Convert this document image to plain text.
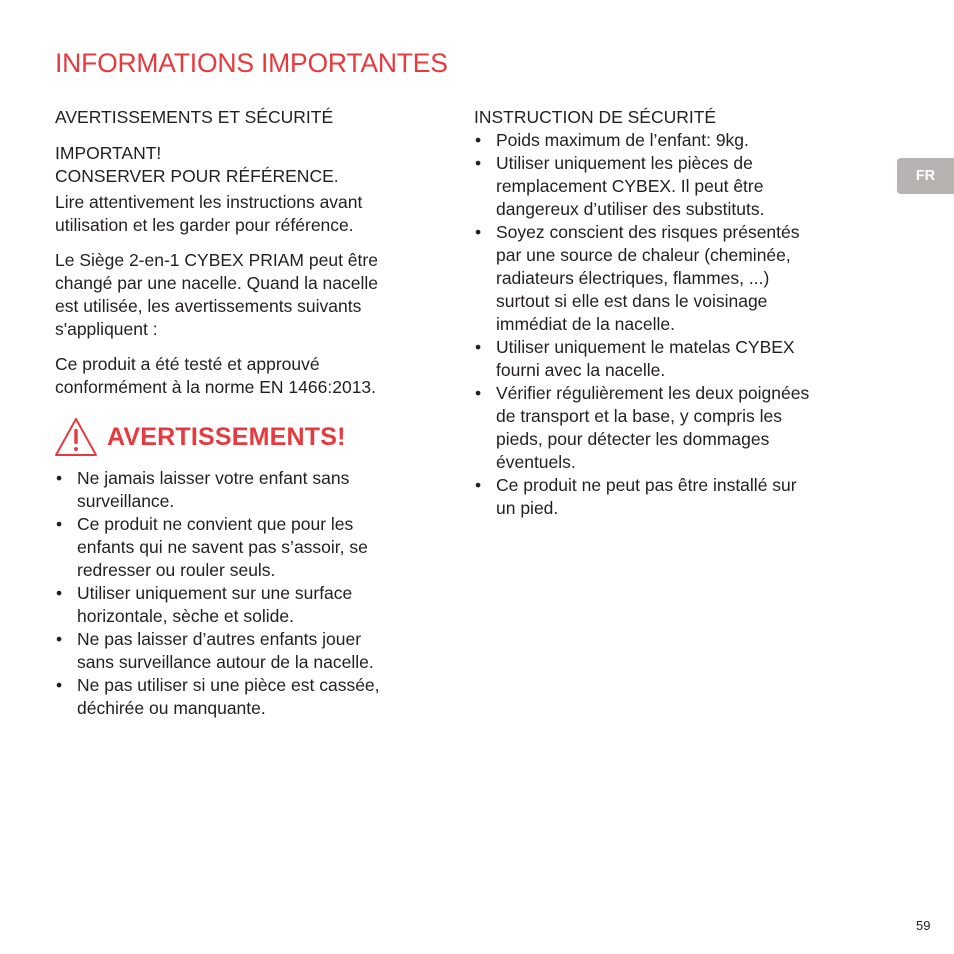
INFORMATIONS IMPORTANTES

AVERTISSEMENTS ET SÉCURITÉ

IMPORTANT!
CONSERVER POUR RÉFÉRENCE.

Lire attentivement les instructions avant
utilisation et les garder pour référence.

Le Siège 2-en-1 CYBEX PRIAM peut être
changé par une nacelle. Quand la nacelle
est utilisée, les avertissements suivants
s'appliquent :

Ce produit a été testé et approuvé
conformément à la norme EN 1466:2013.

AVERTISSEMENTS!
• Ne jamais laisser votre enfant sans
surveillance.
• Ce produit ne convient que pour les
enfants qui ne savent pas s’assoir, se
redresser ou rouler seuls.
• Utiliser uniquement sur une surface
horizontale, sèche et solide.
• Ne pas laisser d’autres enfants jouer
sans surveillance autour de la nacelle.
• Ne pas utiliser si une pièce est cassée,
déchirée ou manquante.

INSTRUCTION DE SÉCURITÉ

• Poids maximum de l’enfant: 9kg.
• Utiliser uniquement les pièces de
remplacement CYBEX. Il peut être
dangereux d’utiliser des substituts.
• Soyez conscient des risques présentés
par une source de chaleur (cheminée,
radiateurs électriques, flammes, ...)
surtout si elle est dans le voisinage
immédiat de la nacelle.
• Utiliser uniquement le matelas CYBEX
fourni avec la nacelle.
• Vérifier régulièrement les deux poignées
de transport et la base, y compris les
pieds, pour détecter les dommages
éventuels.
• Ce produit ne peut pas être installé sur
un pied.
FR
59
